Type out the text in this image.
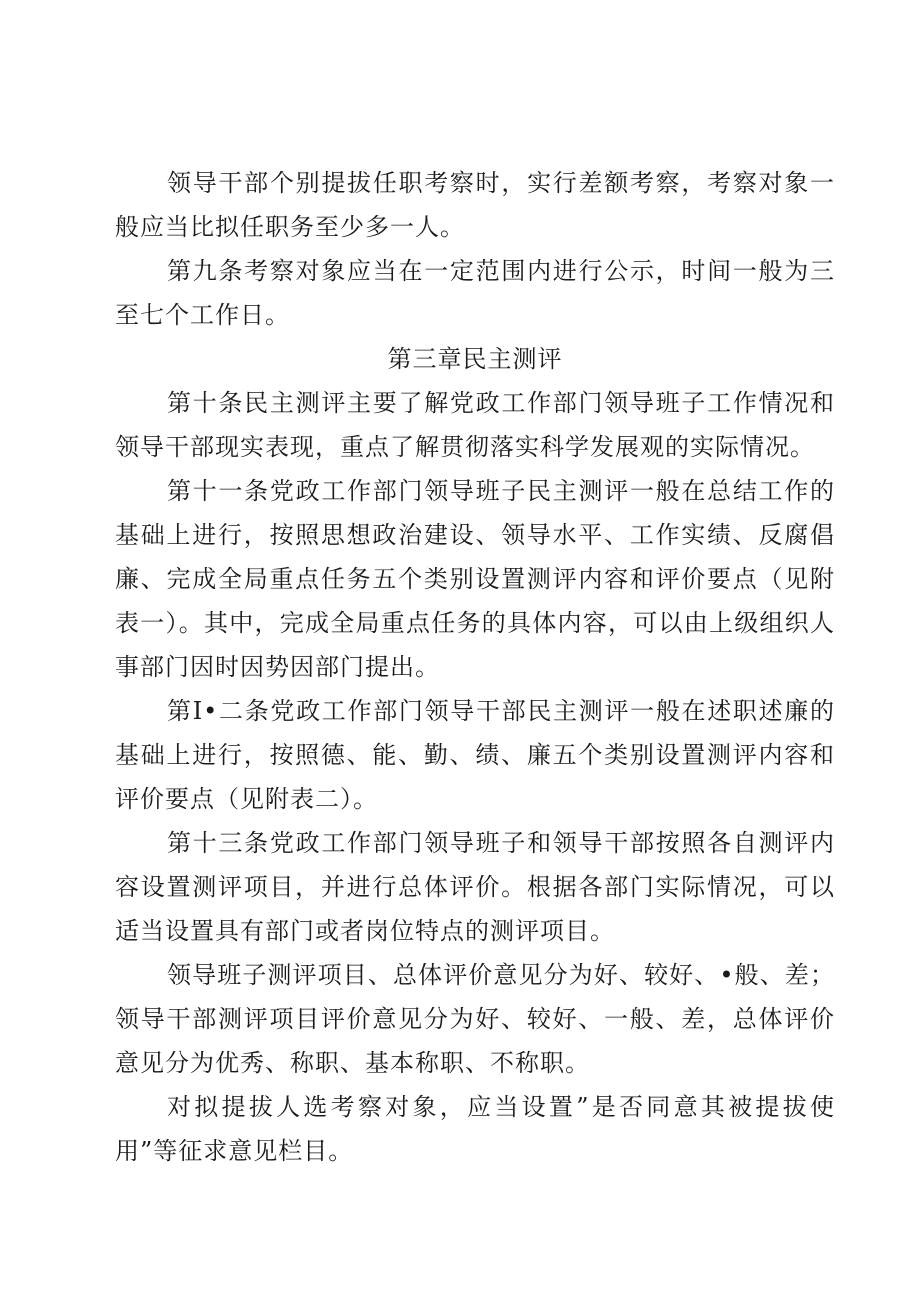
领导干部个别提拔任职考察时，实行差额考察，考察对象一般应当比拟任职务至少多一人。

第九条考察对象应当在一定范围内进行公示，时间一般为三至七个工作日。

第三章民主测评

第十条民主测评主要了解党政工作部门领导班子工作情况和领导干部现实表现，重点了解贯彻落实科学发展观的实际情况。

第十一条党政工作部门领导班子民主测评一般在总结工作的基础上进行，按照思想政治建设、领导水平、工作实绩、反腐倡廉、完成全局重点任务五个类别设置测评内容和评价要点（见附表一）。其中，完成全局重点任务的具体内容，可以由上级组织人事部门因时因势因部门提出。

第I•二条党政工作部门领导干部民主测评一般在述职述廉的基础上进行，按照德、能、勤、绩、廉五个类别设置测评内容和评价要点（见附表二）。

第十三条党政工作部门领导班子和领导干部按照各自测评内容设置测评项目，并进行总体评价。根据各部门实际情况，可以适当设置具有部门或者岗位特点的测评项目。

领导班子测评项目、总体评价意见分为好、较好、•般、差；领导干部测评项目评价意见分为好、较好、一般、差，总体评价意见分为优秀、称职、基本称职、不称职。

对拟提拔人选考察对象，应当设置”是否同意其被提拔使用”等征求意见栏目。
